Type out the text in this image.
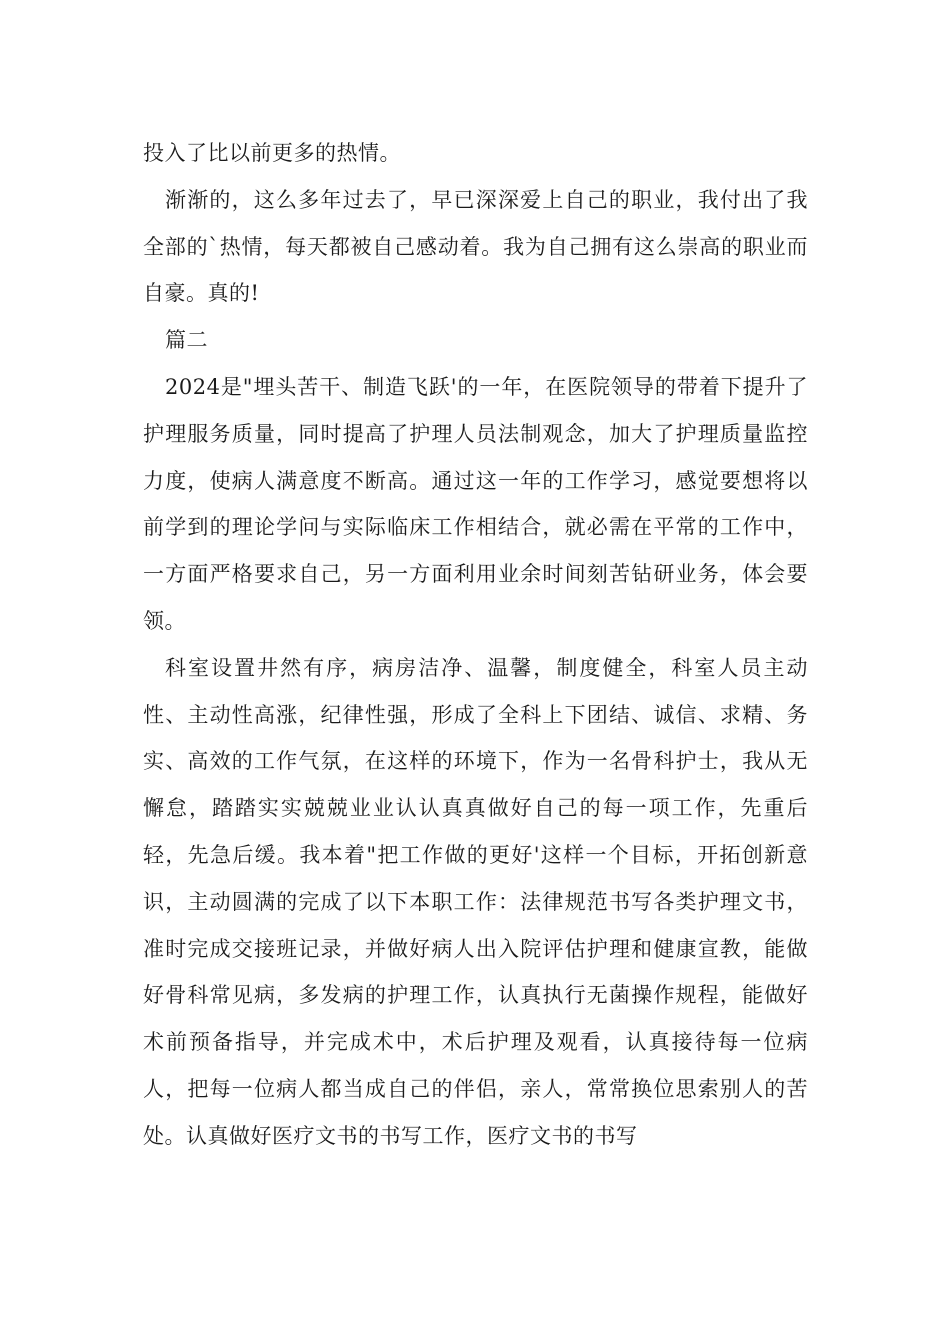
投入了比以前更多的热情。

渐渐的，这么多年过去了，早已深深爱上自己的职业，我付出了我全部的`热情，每天都被自己感动着。我为自己拥有这么崇高的职业而自豪。真的!

篇二

2024是"埋头苦干、制造飞跃'的一年，在医院领导的带着下提升了护理服务质量，同时提高了护理人员法制观念，加大了护理质量监控力度，使病人满意度不断高。通过这一年的工作学习，感觉要想将以前学到的理论学问与实际临床工作相结合，就必需在平常的工作中，一方面严格要求自己，另一方面利用业余时间刻苦钻研业务，体会要领。

科室设置井然有序，病房洁净、温馨，制度健全，科室人员主动性、主动性高涨，纪律性强，形成了全科上下团结、诚信、求精、务实、高效的工作气氛，在这样的环境下，作为一名骨科护士，我从无懈怠，踏踏实实兢兢业业认认真真做好自己的每一项工作，先重后轻，先急后缓。我本着"把工作做的更好'这样一个目标，开拓创新意识，主动圆满的完成了以下本职工作：法律规范书写各类护理文书，准时完成交接班记录，并做好病人出入院评估护理和健康宣教，能做好骨科常见病，多发病的护理工作，认真执行无菌操作规程，能做好术前预备指导，并完成术中，术后护理及观看，认真接待每一位病人，把每一位病人都当成自己的伴侣，亲人，常常换位思索别人的苦处。认真做好医疗文书的书写工作，医疗文书的书写
